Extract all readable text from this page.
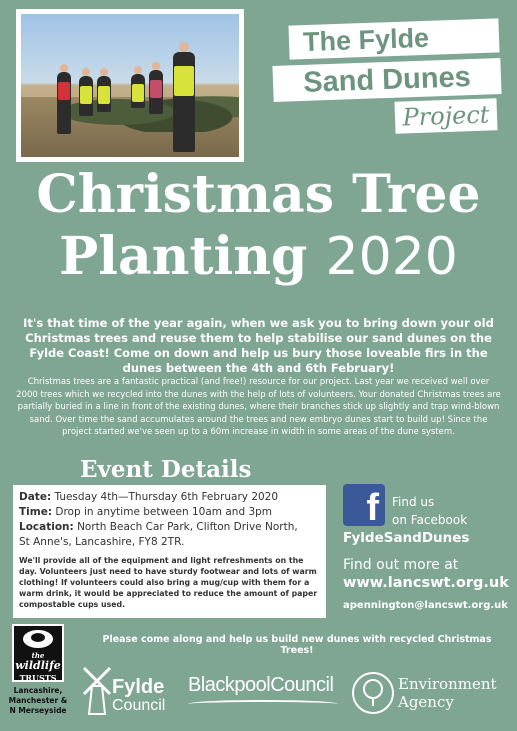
The Fylde
Sand Dunes
Project
Christmas Tree
Planting 2020
It's that time of the year again, when we ask you to bring down your old Christmas trees and reuse them to help stabilise our sand dunes on the Fylde Coast! Come on down and help us bury those loveable firs in the dunes between the 4th and 6th February!
Christmas trees are a fantastic practical (and free!) resource for our project. Last year we received well over 2000 trees which we recycled into the dunes with the help of lots of volunteers. Your donated Christmas trees are partially buried in a line in front of the existing dunes, where their branches stick up slightly and trap wind-blown sand. Over time the sand accumulates around the trees and new embryo dunes start to build up! Since the project started we've seen up to a 60m increase in width in some areas of the dune system.
Event Details
Date: Tuesday 4th—Thursday 6th February 2020
Time: Drop in anytime between 10am and 3pm
Location: North Beach Car Park, Clifton Drive North,
St Anne's, Lancashire, FY8 2TR.
We'll provide all of the equipment and light refreshments on the day. Volunteers just need to have sturdy footwear and lots of warm clothing! If volunteers could also bring a mug/cup with them for a warm drink, it would be appreciated to reduce the amount of paper compostable cups used.
f	Find us
on Facebook
FyldeSandDunes
Find out more at
www.lancswt.org.uk
apennington@lancswt.org.uk
the
wildlife
TRUSTS
Lancashire, Manchester & N Merseyside
Please come along and help us build new dunes with recycled Christmas Trees!
Fylde
Council
BlackpoolCouncil	Environment
Agency
